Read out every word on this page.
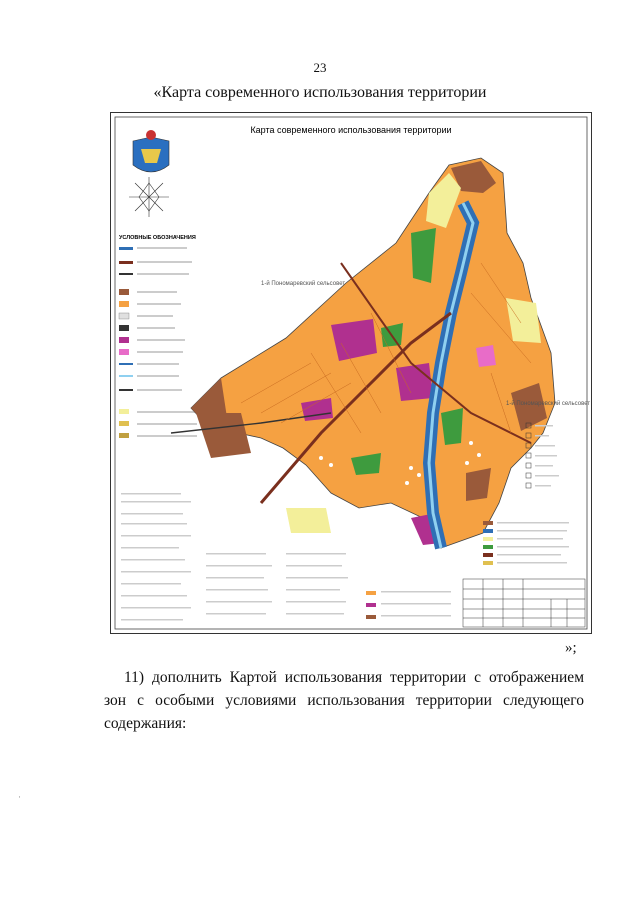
23
«Карта современного использования территории
Карта современного использования территории
УСЛОВНЫЕ ОБОЗНАЧЕНИЯ
1-й Пономаревский сельсовет
1-й Пономаревский сельсовет
»;
11) дополнить Картой использования территории с отображением зон с особыми условиями использования территории следующего содержания:
·
